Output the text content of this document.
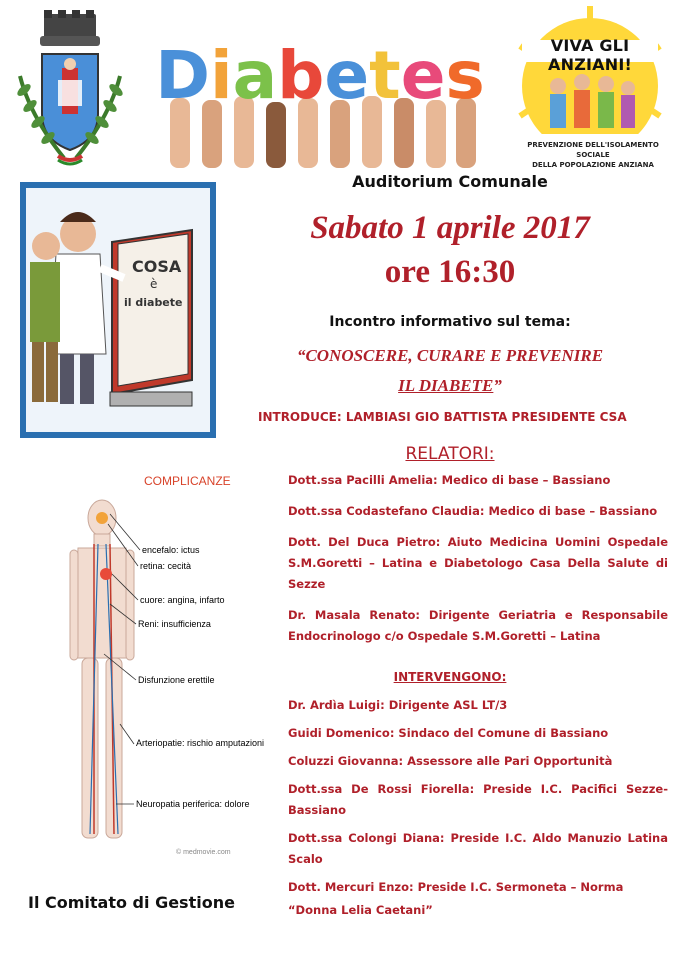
Diabetes	VIVA GLI ANZIANI!
PREVENZIONE DELL'ISOLAMENTO SOCIALE
DELLA POPOLAZIONE ANZIANA
COSA
è
il diabete
COMPLICANZE
encefalo: ictus
retina: cecità
cuore: angina, infarto
Reni: insufficienza
Disfunzione erettile
Arteriopatie: rischio amputazioni
Neuropatia periferica: dolore
© medmovie.com
Auditorium Comunale
Sabato 1 aprile 2017
ore 16:30
Incontro informativo sul tema:
“CONOSCERE, CURARE E PREVENIRE
IL DIABETE”
INTRODUCE: LAMBIASI GIO BATTISTA PRESIDENTE CSA
RELATORI:

Dott.ssa Pacilli Amelia: Medico di base – Bassiano

Dott.ssa Codastefano Claudia: Medico di base – Bassiano

Dott. Del Duca Pietro: Aiuto Medicina Uomini Ospedale S.M.Goretti – Latina e Diabetologo Casa Della Salute di Sezze

Dr. Masala Renato: Dirigente Geriatria e Responsabile Endocrinologo c/o Ospedale S.M.Goretti – Latina

INTERVENGONO:

Dr. Ardìa Luigi: Dirigente ASL LT/3

Guidi Domenico: Sindaco del Comune di Bassiano

Coluzzi Giovanna: Assessore alle Pari Opportunità

Dott.ssa De Rossi Fiorella: Preside I.C. Pacifici Sezze-Bassiano

Dott.ssa Colongi Diana: Preside I.C. Aldo Manuzio Latina Scalo

Dott. Mercuri Enzo: Preside I.C. Sermoneta – Norma

“Donna Lelia Caetani”

Il Comitato di Gestione
